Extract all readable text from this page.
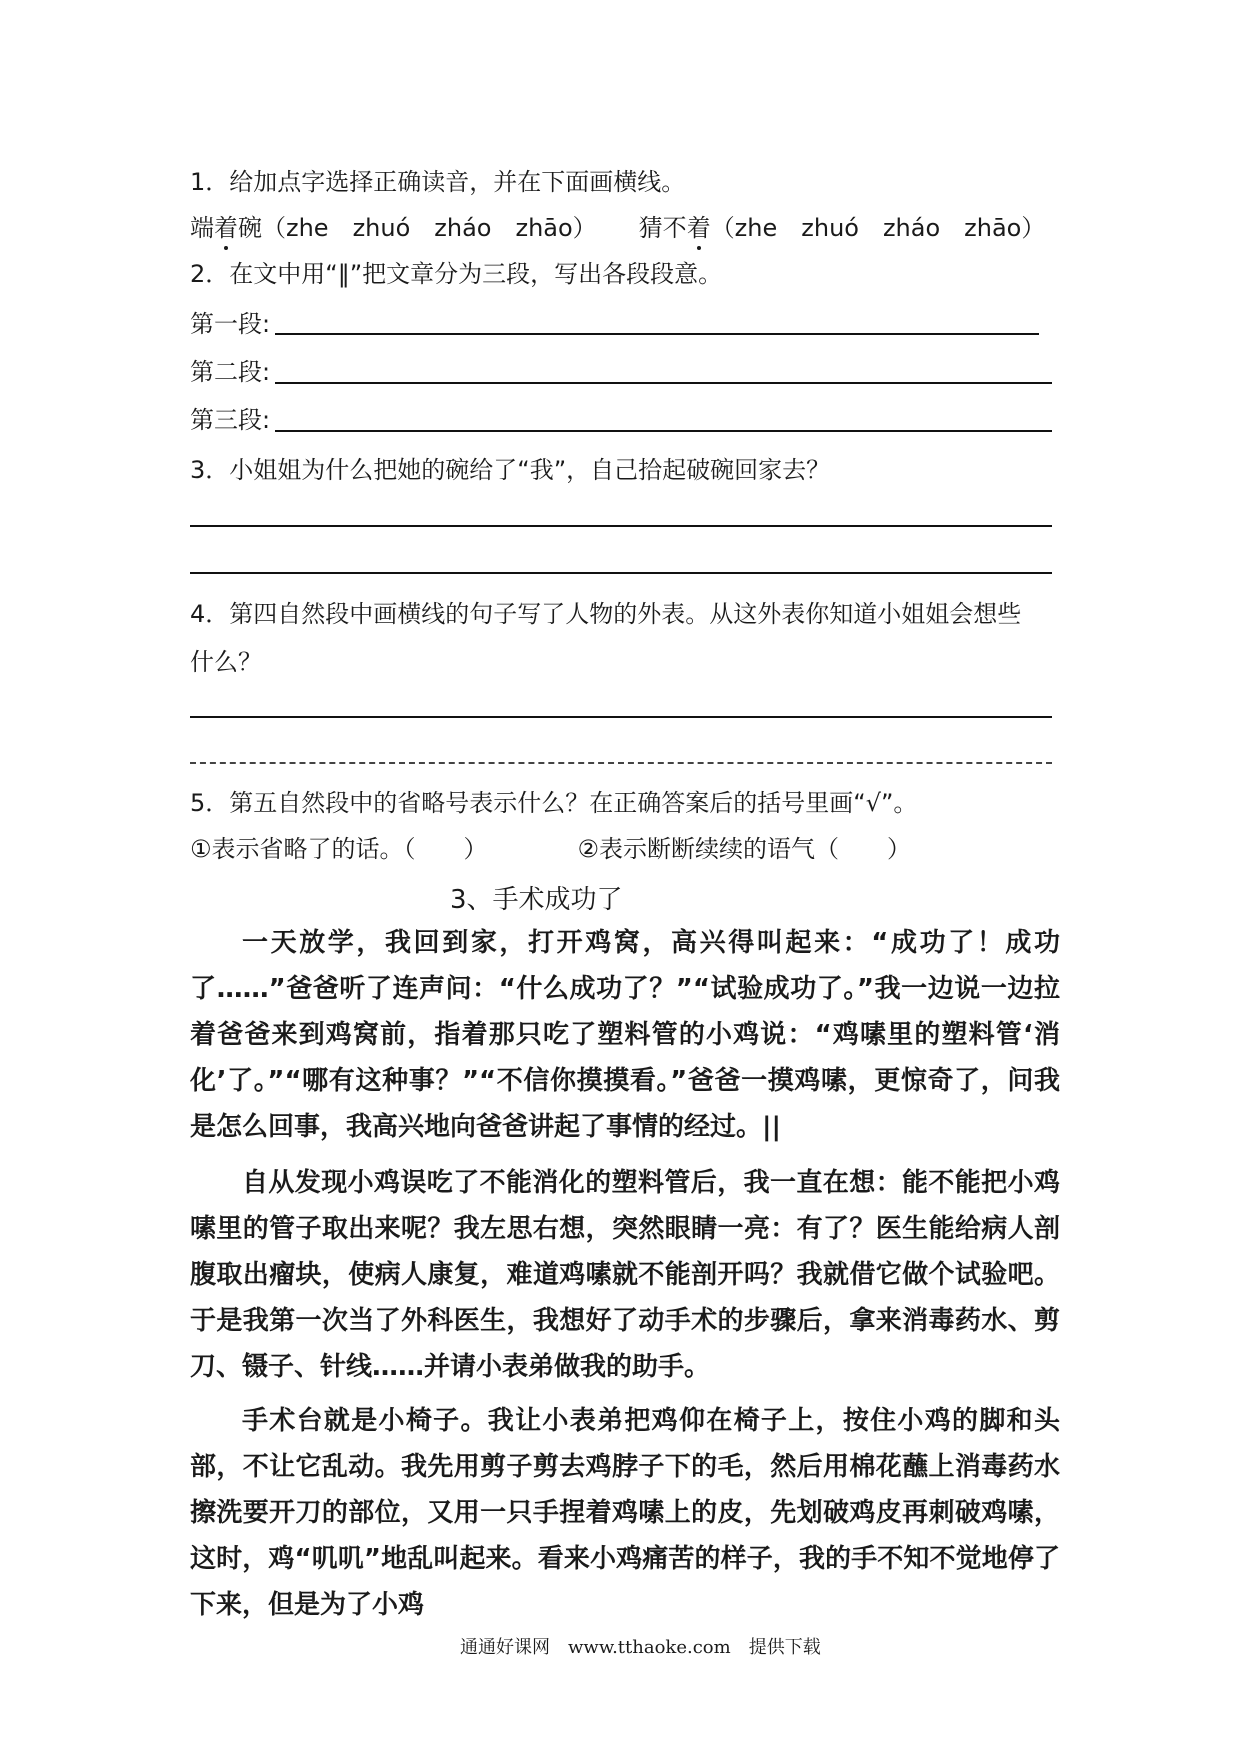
1．给加点字选择正确读音，并在下面画横线。
端着碗（zhe　zhuó　zháo　zhāo） 猜不着（zhe　zhuó　zháo　zhāo）
2．在文中用“‖”把文章分为三段，写出各段段意。
第一段:
第二段:
第三段:
3．小姐姐为什么把她的碗给了“我”，自己拾起破碗回家去？
4．第四自然段中画横线的句子写了人物的外表。从这外表你知道小姐姐会想些
什么？
5．第五自然段中的省略号表示什么？在正确答案后的括号里画“√”。
①表示省略了的话。（　　）	②表示断断续续的语气（　　）
3、手术成功了

一天放学，我回到家，打开鸡窝，高兴得叫起来：“成功了！成功了……”爸爸听了连声问：“什么成功了？”“试验成功了。”我一边说一边拉着爸爸来到鸡窝前，指着那只吃了塑料管的小鸡说：“鸡嗉里的塑料管‘消化’了。”“哪有这种事？”“不信你摸摸看。”爸爸一摸鸡嗉，更惊奇了，问我是怎么回事，我高兴地向爸爸讲起了事情的经过。||

自从发现小鸡误吃了不能消化的塑料管后，我一直在想：能不能把小鸡嗉里的管子取出来呢？我左思右想，突然眼睛一亮：有了？医生能给病人剖腹取出瘤块，使病人康复，难道鸡嗉就不能剖开吗？我就借它做个试验吧。于是我第一次当了外科医生，我想好了动手术的步骤后，拿来消毒药水、剪刀、镊子、针线……并请小表弟做我的助手。

手术台就是小椅子。我让小表弟把鸡仰在椅子上，按住小鸡的脚和头部，不让它乱动。我先用剪子剪去鸡脖子下的毛，然后用棉花蘸上消毒药水擦洗要开刀的部位，又用一只手捏着鸡嗉上的皮，先划破鸡皮再刺破鸡嗉，这时，鸡“叽叽”地乱叫起来。看来小鸡痛苦的样子，我的手不知不觉地停了下来，但是为了小鸡

通通好课网　www.tthaoke.com　提供下载
